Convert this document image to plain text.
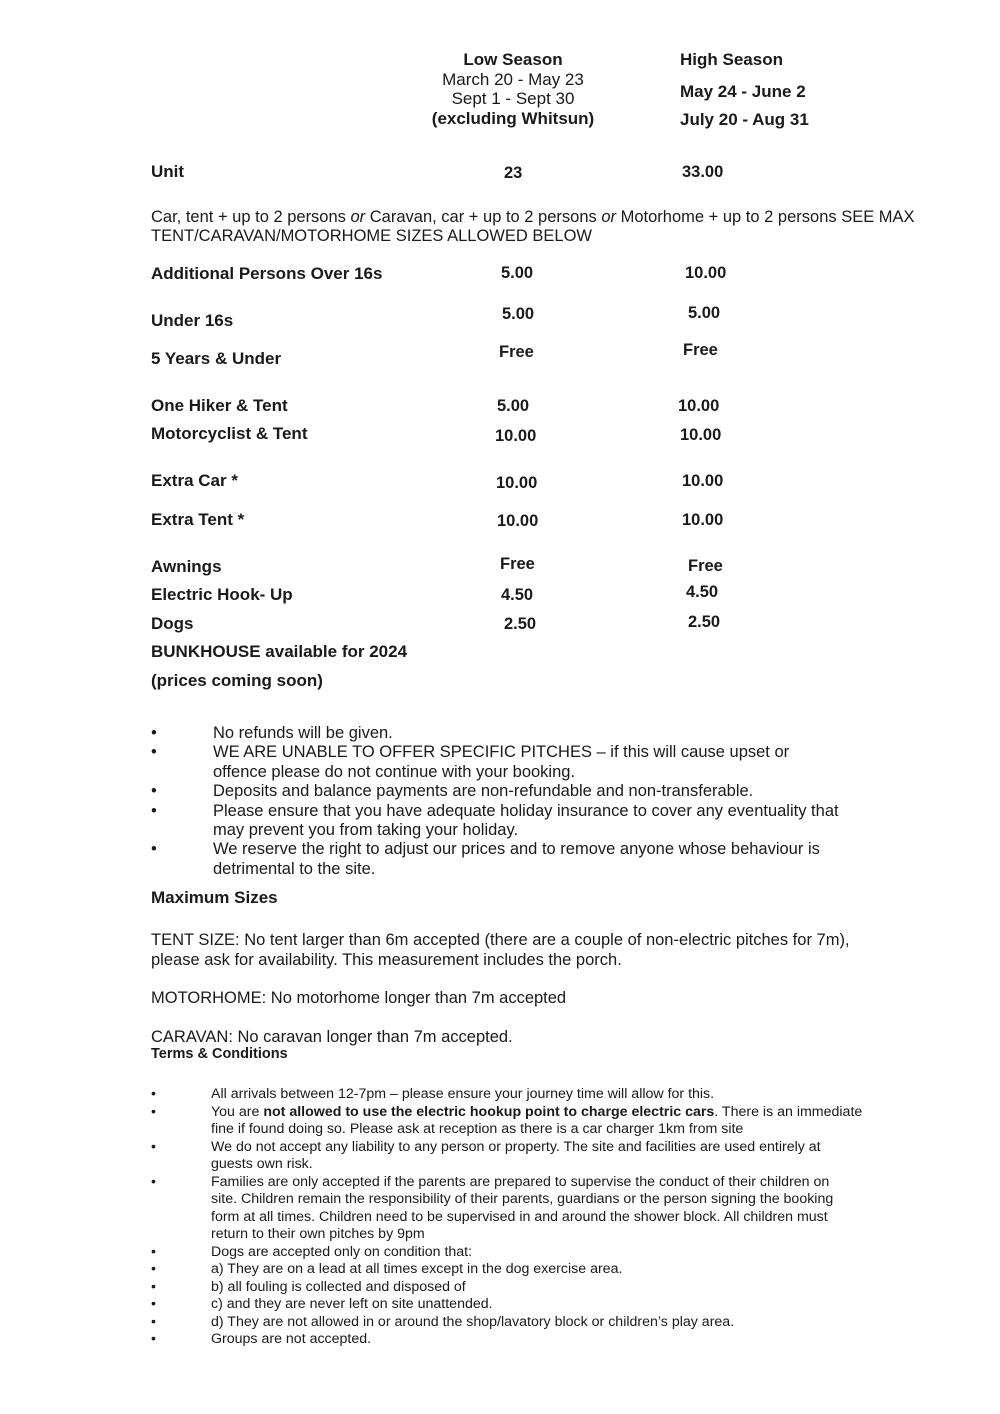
Low Season
March 20 - May 23
Sept 1 - Sept 30
(excluding Whitsun)
High Season
May 24 - June 2
July 20 - Aug 31
Unit	23	33.00
Car, tent + up to 2 persons or Caravan, car + up to 2 persons or Motorhome + up to 2 persons SEE MAX TENT/CARAVAN/MOTORHOME SIZES ALLOWED BELOW
Additional Persons Over 16s	5.00	10.00
Under 16s	5.00	5.00
5 Years & Under	Free	Free
One Hiker & Tent	5.00	10.00
Motorcyclist & Tent	10.00	10.00
Extra Car *	10.00	10.00
Extra Tent *	10.00	10.00
Awnings	Free	Free
Electric Hook- Up	4.50	4.50
Dogs	2.50	2.50
BUNKHOUSE available for 2024
(prices coming soon)
•	No refunds will be given.
•	WE ARE UNABLE TO OFFER SPECIFIC PITCHES – if this will cause upset or offence please do not continue with your booking.
•	Deposits and balance payments are non-refundable and non-transferable.
•	Please ensure that you have adequate holiday insurance to cover any eventuality that may prevent you from taking your holiday.
•	We reserve the right to adjust our prices and to remove anyone whose behaviour is detrimental to the site.
Maximum Sizes
TENT SIZE: No tent larger than 6m accepted (there are a couple of non-electric pitches for 7m), please ask for availability. This measurement includes the porch.
MOTORHOME: No motorhome longer than 7m accepted
CARAVAN: No caravan longer than 7m accepted.
Terms & Conditions
•	All arrivals between 12-7pm – please ensure your journey time will allow for this.
•	You are not allowed to use the electric hookup point to charge electric cars. There is an immediate fine if found doing so. Please ask at reception as there is a car charger 1km from site
•	We do not accept any liability to any person or property. The site and facilities are used entirely at guests own risk.
•	Families are only accepted if the parents are prepared to supervise the conduct of their children on site. Children remain the responsibility of their parents, guardians or the person signing the booking form at all times. Children need to be supervised in and around the shower block. All children must return to their own pitches by 9pm
•	Dogs are accepted only on condition that:
•	a) They are on a lead at all times except in the dog exercise area.
•	b) all fouling is collected and disposed of
•	c) and they are never left on site unattended.
•	d) They are not allowed in or around the shop/lavatory block or children’s play area.
•	Groups are not accepted.
